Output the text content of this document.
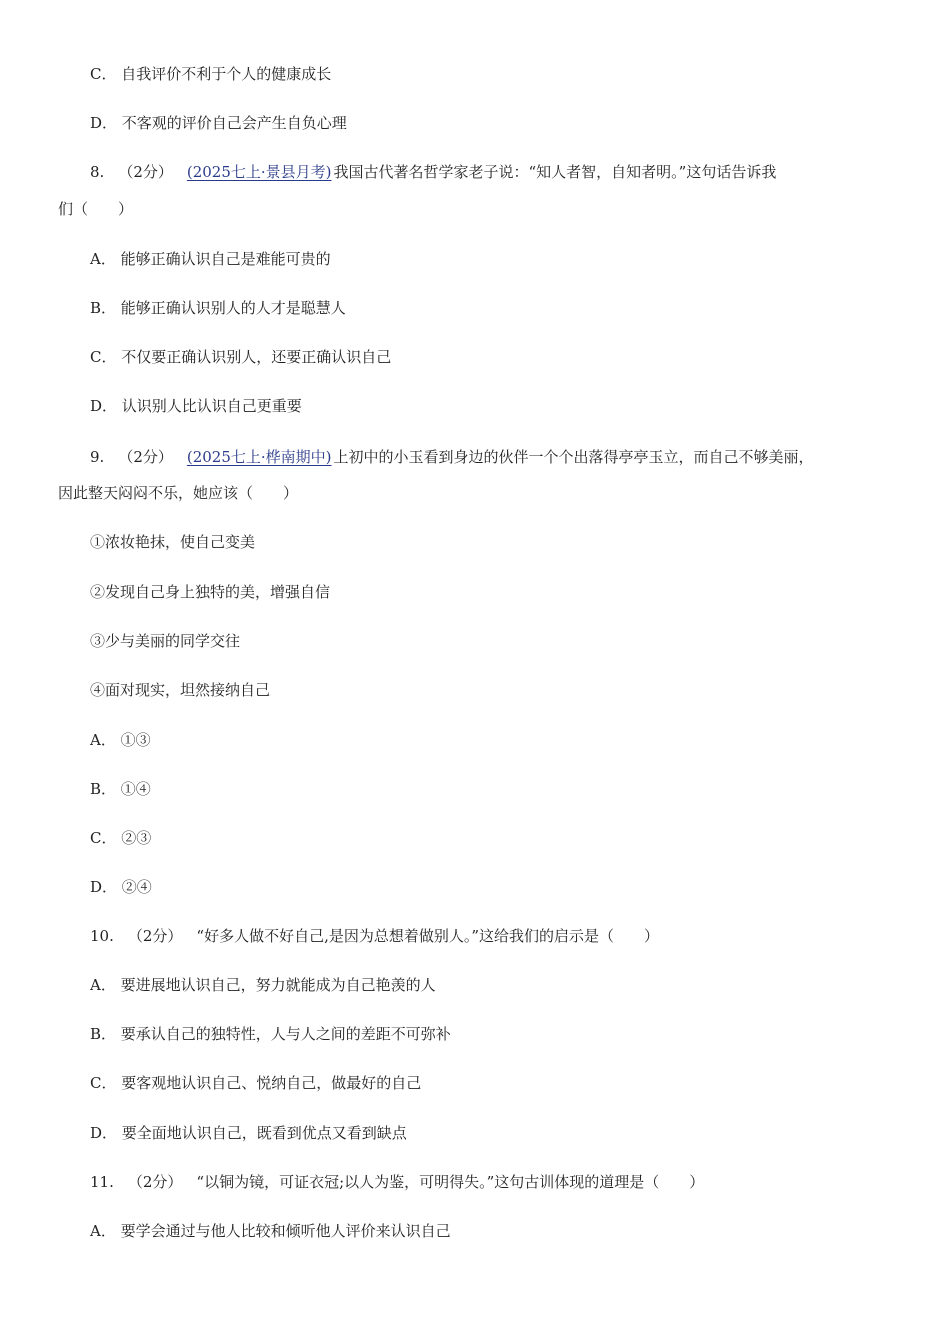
C． 自我评价不利于个人的健康成长
D． 不客观的评价自己会产生自负心理
8. （2分） (2025七上·景县月考) 我国古代著名哲学家老子说：“知人者智，自知者明。”这句话告诉我
们（　　）
A． 能够正确认识自己是难能可贵的
B． 能够正确认识别人的人才是聪慧人
C． 不仅要正确认识别人，还要正确认识自己
D． 认识别人比认识自己更重要
9. （2分） (2025七上·桦南期中) 上初中的小玉看到身边的伙伴一个个出落得亭亭玉立，而自己不够美丽，
因此整天闷闷不乐，她应该（　　）
①浓妆艳抹，使自己变美
②发现自己身上独特的美，增强自信
③少与美丽的同学交往
④面对现实，坦然接纳自己
A． ①③
B． ①④
C． ②③
D． ②④
10. （2分） “好多人做不好自己,是因为总想着做别人。”这给我们的启示是（　　）
A． 要进展地认识自己，努力就能成为自己艳羡的人
B． 要承认自己的独特性，人与人之间的差距不可弥补
C． 要客观地认识自己、悦纳自己，做最好的自己
D． 要全面地认识自己，既看到优点又看到缺点
11. （2分） “以铜为镜，可证衣冠;以人为鉴，可明得失。”这句古训体现的道理是（　　）
A． 要学会通过与他人比较和倾听他人评价来认识自己
